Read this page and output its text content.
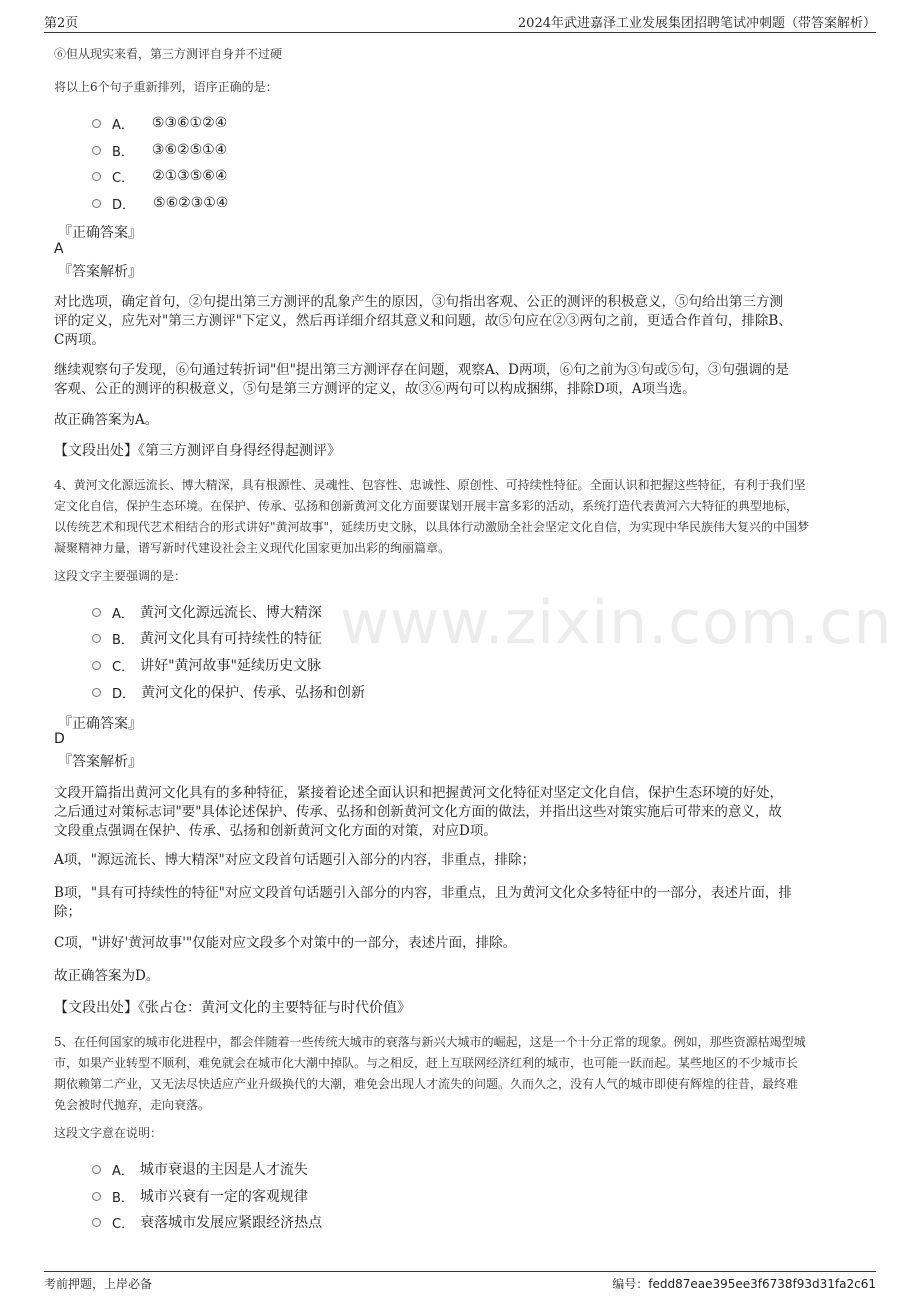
第2页	2024年武进嘉泽工业发展集团招聘笔试冲刺题（带答案解析）
www.zixin.com.cn
⑥但从现实来看，第三方测评自身并不过硬
将以上6个句子重新排列，语序正确的是：
A． ⑤③⑥①②④
B． ③⑥②⑤①④
C． ②①③⑤⑥④
D． ⑤⑥②③①④
『正确答案』
A
『答案解析』
对比选项，确定首句，②句提出第三方测评的乱象产生的原因，③句指出客观、公正的测评的积极意义，⑤句给出第三方测
评的定义，应先对"第三方测评"下定义，然后再详细介绍其意义和问题，故⑤句应在②③两句之前，更适合作首句，排除B、
C两项。
继续观察句子发现，⑥句通过转折词"但"提出第三方测评存在问题，观察A、D两项，⑥句之前为③句或⑤句，③句强调的是
客观、公正的测评的积极意义，⑤句是第三方测评的定义，故③⑥两句可以构成捆绑，排除D项，A项当选。
故正确答案为A。
【文段出处】《第三方测评自身得经得起测评》
4、黄河文化源远流长、博大精深，具有根源性、灵魂性、包容性、忠诚性、原创性、可持续性特征。全面认识和把握这些特征，有利于我们坚
定文化自信，保护生态环境。在保护、传承、弘扬和创新黄河文化方面要谋划开展丰富多彩的活动，系统打造代表黄河六大特征的典型地标，
以传统艺术和现代艺术相结合的形式讲好"黄河故事"，延续历史文脉，以具体行动激励全社会坚定文化自信，为实现中华民族伟大复兴的中国梦
凝聚精神力量，谱写新时代建设社会主义现代化国家更加出彩的绚丽篇章。
这段文字主要强调的是：
A． 黄河文化源远流长、博大精深
B． 黄河文化具有可持续性的特征
C． 讲好"黄河故事"延续历史文脉
D． 黄河文化的保护、传承、弘扬和创新
『正确答案』
D
『答案解析』
文段开篇指出黄河文化具有的多种特征，紧接着论述全面认识和把握黄河文化特征对坚定文化自信，保护生态环境的好处，
之后通过对策标志词"要"具体论述保护、传承、弘扬和创新黄河文化方面的做法，并指出这些对策实施后可带来的意义，故
文段重点强调在保护、传承、弘扬和创新黄河文化方面的对策，对应D项。
A项，"源远流长、博大精深"对应文段首句话题引入部分的内容，非重点，排除；
B项，"具有可持续性的特征"对应文段首句话题引入部分的内容，非重点，且为黄河文化众多特征中的一部分，表述片面，排
除；
C项，"讲好'黄河故事'"仅能对应文段多个对策中的一部分，表述片面，排除。
故正确答案为D。
【文段出处】《张占仓：黄河文化的主要特征与时代价值》
5、在任何国家的城市化进程中，都会伴随着一些传统大城市的衰落与新兴大城市的崛起，这是一个十分正常的现象。例如，那些资源枯竭型城
市，如果产业转型不顺利，难免就会在城市化大潮中掉队。与之相反，赶上互联网经济红利的城市，也可能一跃而起。某些地区的不少城市长
期依赖第二产业，又无法尽快适应产业升级换代的大潮，难免会出现人才流失的问题。久而久之，没有人气的城市即使有辉煌的往昔，最终难
免会被时代抛弃，走向衰落。
这段文字意在说明：
A． 城市衰退的主因是人才流失
B． 城市兴衰有一定的客观规律
C． 衰落城市发展应紧跟经济热点
考前押题，上岸必备	编号：fedd87eae395ee3f6738f93d31fa2c61
